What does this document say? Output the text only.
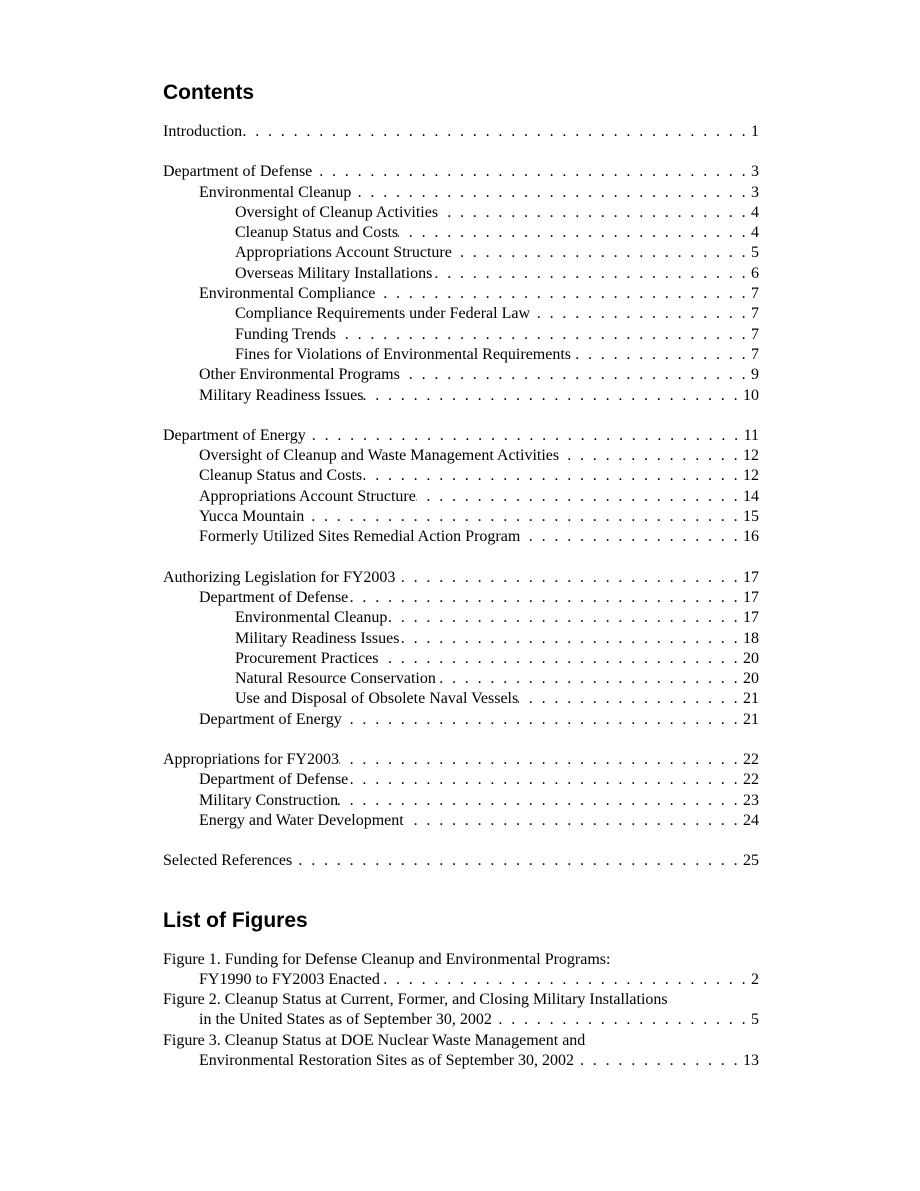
Contents
Introduction . . .	1
Department of Defense . . .	3
Environmental Cleanup . . .	3
Oversight of Cleanup Activities . . .	4
Cleanup Status and Costs . . .	4
Appropriations Account Structure . . .	5
Overseas Military Installations . . .	6
Environmental Compliance . . .	7
Compliance Requirements under Federal Law . . .	7
Funding Trends . . .	7
Fines for Violations of Environmental Requirements . . .	7
Other Environmental Programs . . .	9
Military Readiness Issues . . .	10
Department of Energy . . .	11
Oversight of Cleanup and Waste Management Activities . . .	12
Cleanup Status and Costs . . .	12
Appropriations Account Structure . . .	14
Yucca Mountain . . .	15
Formerly Utilized Sites Remedial Action Program . . .	16
Authorizing Legislation for FY2003 . . .	17
Department of Defense . . .	17
Environmental Cleanup . . .	17
Military Readiness Issues . . .	18
Procurement Practices . . .	20
Natural Resource Conservation . . .	20
Use and Disposal of Obsolete Naval Vessels . . .	21
Department of Energy . . .	21
Appropriations for FY2003 . . .	22
Department of Defense . . .	22
Military Construction . . .	23
Energy and Water Development . . .	24
Selected References . . .	25
List of Figures
Figure 1. Funding for Defense Cleanup and Environmental Programs:
FY1990 to FY2003 Enacted . . .	2
Figure 2. Cleanup Status at Current, Former, and Closing Military Installations
in the United States as of September 30, 2002 . . .	5
Figure 3. Cleanup Status at DOE Nuclear Waste Management and
Environmental Restoration Sites as of September 30, 2002 . . .	13
